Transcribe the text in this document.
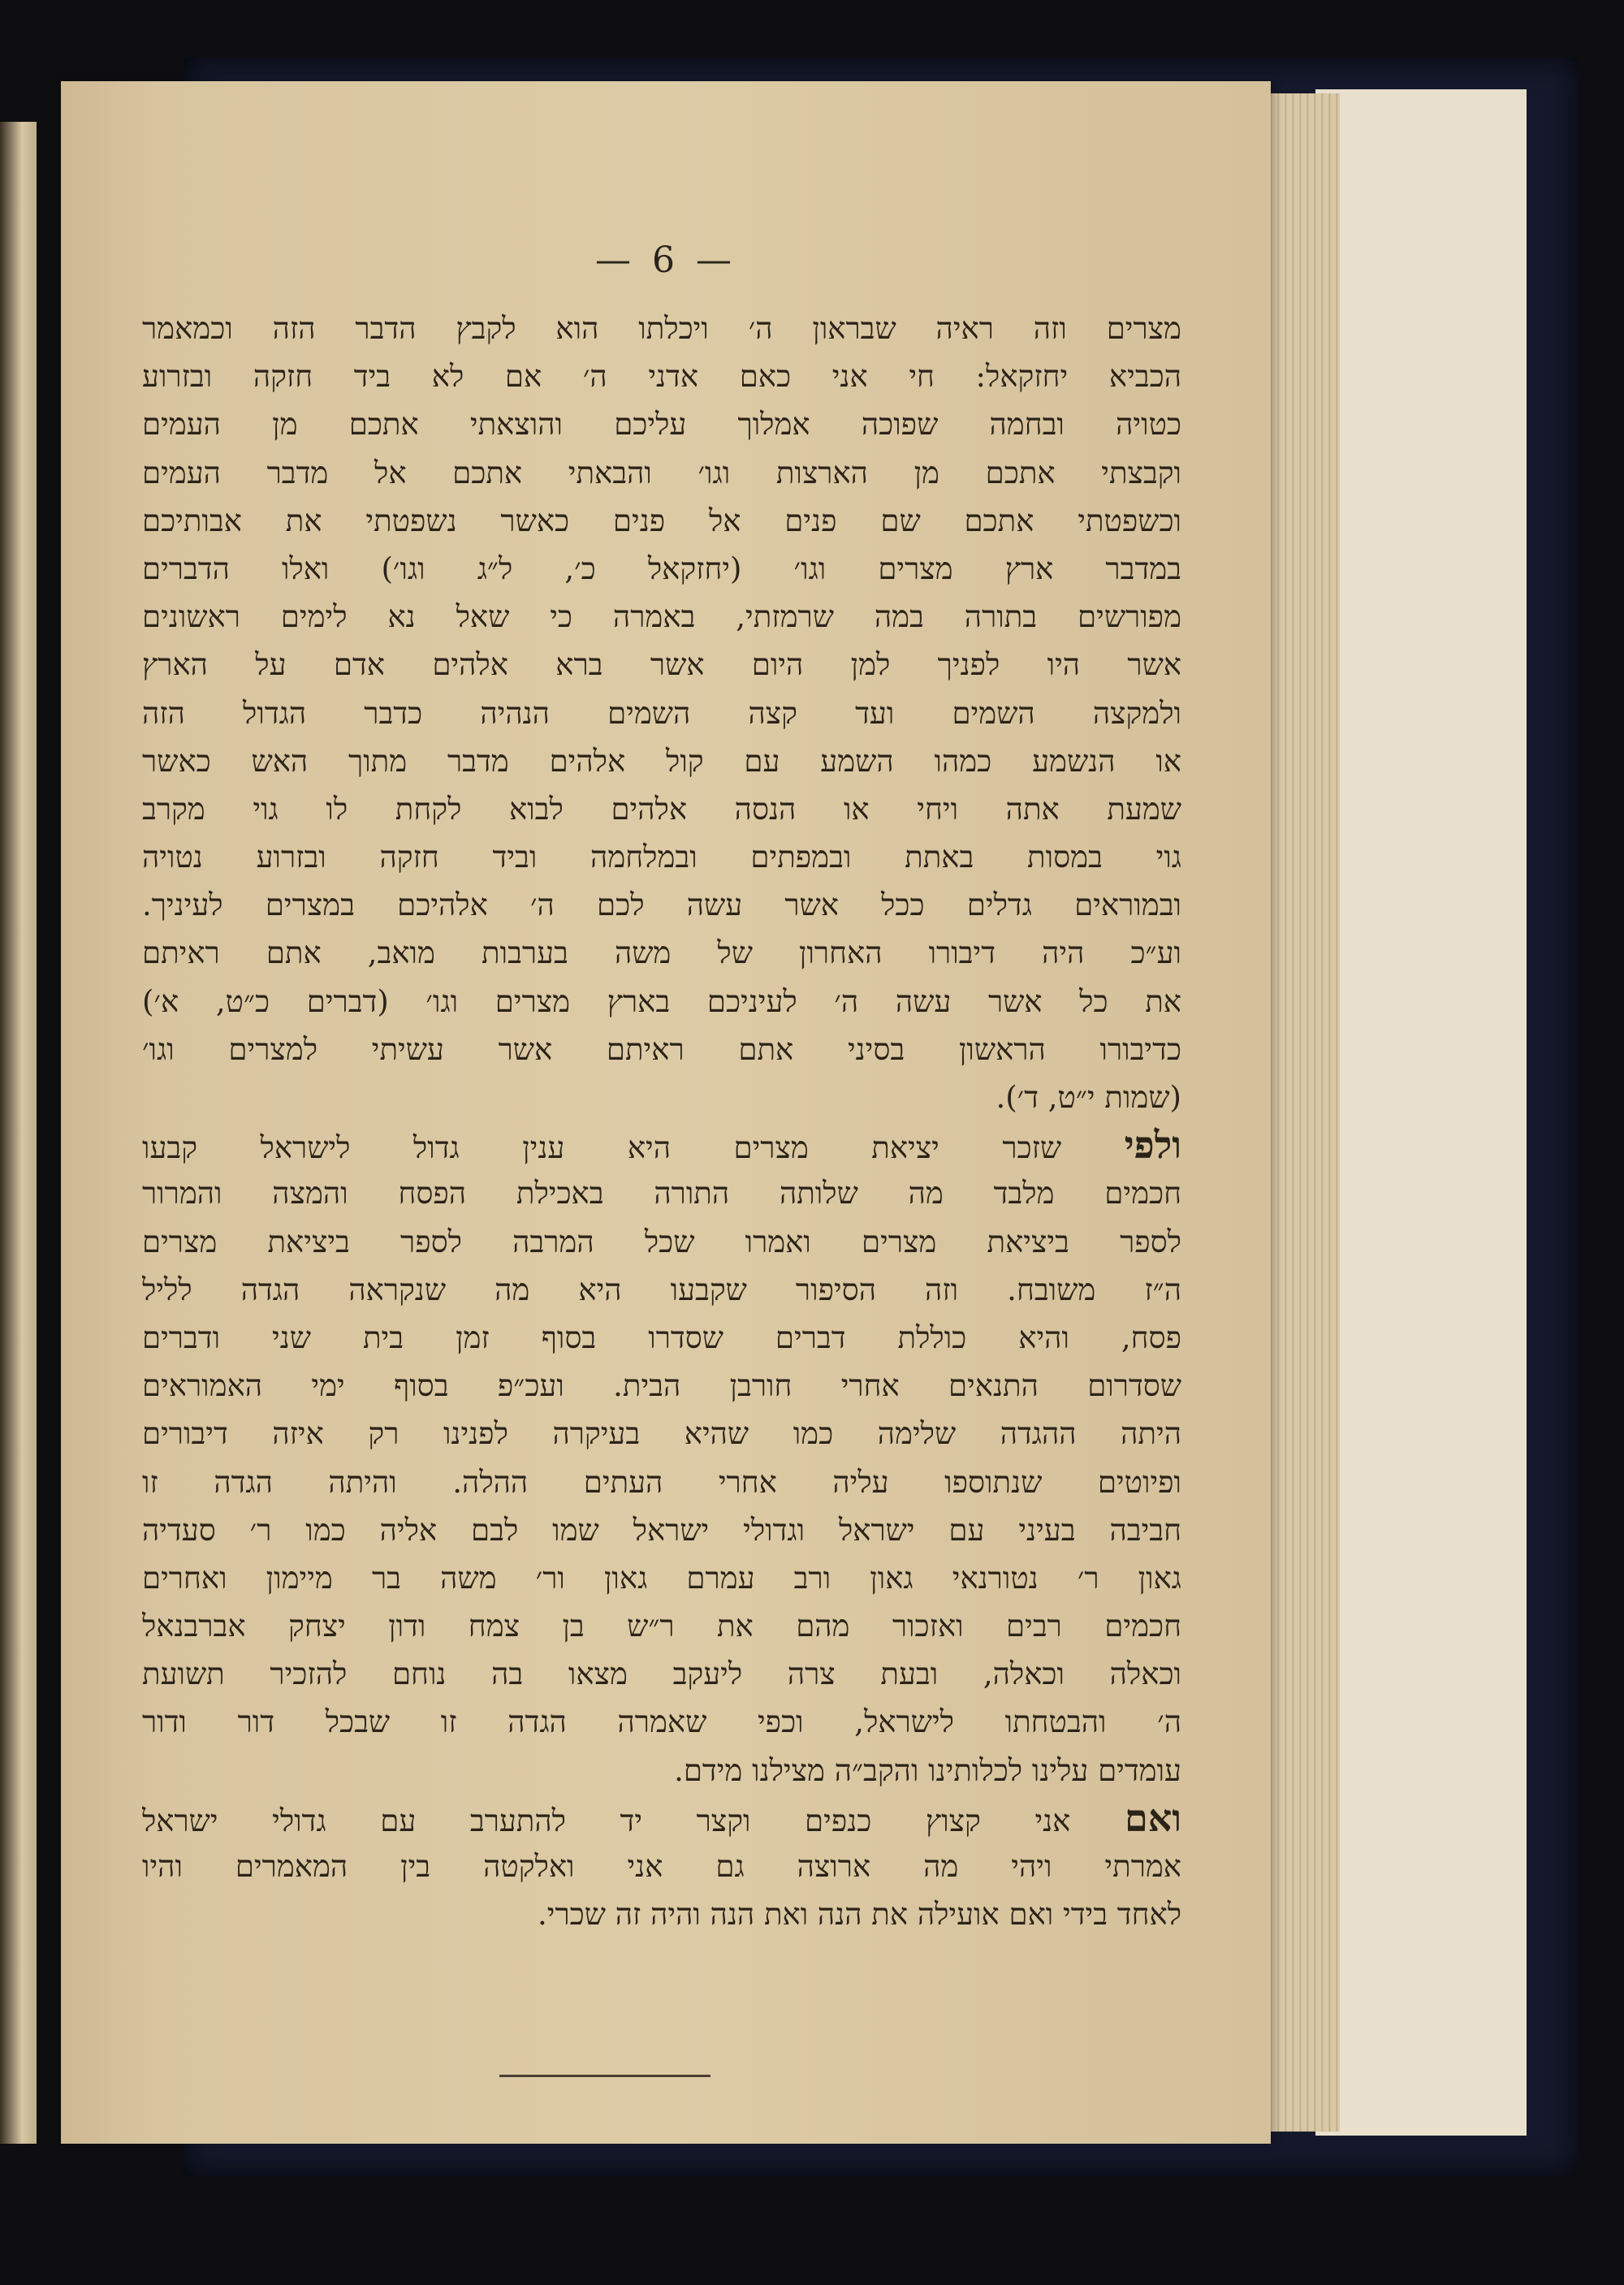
— 6 —
מצרים וזה ראיה שבראון ה׳ ויכלתו הוא לקבץ הדבר הזה וכמאמר
הכביא יחזקאל: חי אני כאם אדני ה׳ אם לא ביד חזקה ובזרוע
כטויה ובחמה שפוכה אמלוך עליכם והוצאתי אתכם מן העמים
וקבצתי אתכם מן הארצות וגו׳ והבאתי אתכם אל מדבר העמים
וכשפטתי אתכם שם פנים אל פנים כאשר נשפטתי את אבותיכם
במדבר ארץ מצרים וגו׳ (יחזקאל כ׳, ל״ג וגו׳) ואלו הדברים
מפורשים בתורה במה שרמזתי, באמרה כי שאל נא לימים ראשונים
אשר היו לפניך למן היום אשר ברא אלהים אדם על הארץ
ולמקצה השמים ועד קצה השמים הנהיה כדבר הגדול הזה
או הנשמע כמהו השמע עם קול אלהים מדבר מתוך האש כאשר
שמעת אתה ויחי או הנסה אלהים לבוא לקחת לו גוי מקרב
גוי במסות באתת ובמפתים ובמלחמה וביד חזקה ובזרוע נטויה
ובמוראים גדלים ככל אשר עשה לכם ה׳ אלהיכם במצרים לעיניך.
וע״כ היה דיבורו האחרון של משה בערבות מואב, אתם ראיתם
את כל אשר עשה ה׳ לעיניכם בארץ מצרים וגו׳ (דברים כ״ט, א׳)
כדיבורו הראשון בסיני אתם ראיתם אשר עשיתי למצרים וגו׳
(שמות י״ט, ד׳).
ולפי שזכר יציאת מצרים היא ענין גדול לישראל קבעו
חכמים מלבד מה שלותה התורה באכילת הפסח והמצה והמרור
לספר ביציאת מצרים ואמרו שכל המרבה לספר ביציאת מצרים
ה״ז משובח. וזה הסיפור שקבעו היא מה שנקראה הגדה לליל
פסח, והיא כוללת דברים שסדרו בסוף זמן בית שני ודברים
שסדרום התנאים אחרי חורבן הבית. ועכ״פ בסוף ימי האמוראים
היתה ההגדה שלימה כמו שהיא בעיקרה לפנינו רק איזה דיבורים
ופיוטים שנתוספו עליה אחרי העתים ההלה. והיתה הגדה זו
חביבה בעיני עם ישראל וגדולי ישראל שמו לבם אליה כמו ר׳ סעדיה
גאון ר׳ נטורנאי גאון ורב עמרם גאון ור׳ משה בר מיימון ואחרים
חכמים רבים ואזכור מהם את ר״ש בן צמח ודון יצחק אברבנאל
וכאלה וכאלה, ובעת צרה ליעקב מצאו בה נוחם להזכיר תשועת
ה׳ והבטחתו לישראל, וכפי שאמרה הגדה זו שבכל דור ודור
עומדים עלינו לכלותינו והקב״ה מצילנו מידם.
ואם אני קצוץ כנפים וקצר יד להתערב עם גדולי ישראל
אמרתי ויהי מה ארוצה גם אני ואלקטה בין המאמרים והיו
לאחד בידי ואם אועילה את הנה ואת הנה והיה זה שכרי.
